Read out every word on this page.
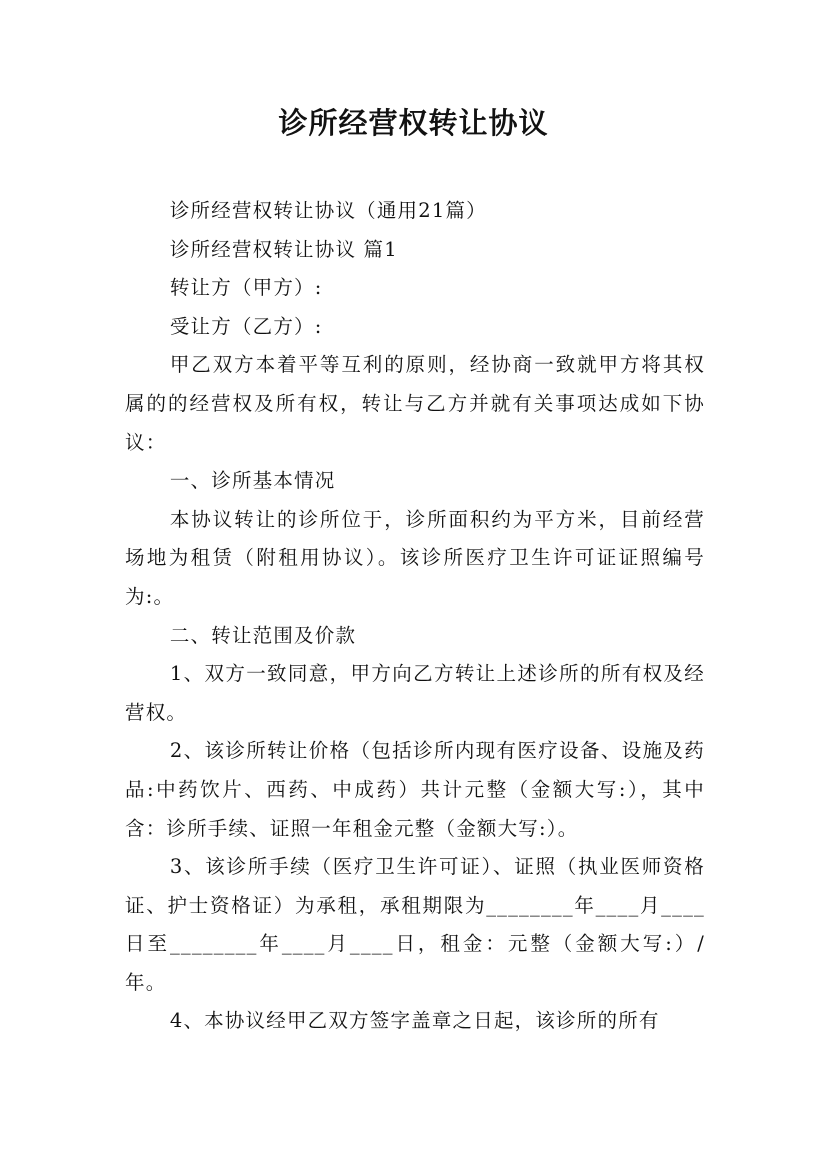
诊所经营权转让协议

诊所经营权转让协议（通用21篇）

诊所经营权转让协议 篇1

转让方（甲方）:

受让方（乙方）:

甲乙双方本着平等互利的原则，经协商一致就甲方将其权属的的经营权及所有权，转让与乙方并就有关事项达成如下协议：

一、诊所基本情况

本协议转让的诊所位于，诊所面积约为平方米，目前经营场地为租赁（附租用协议）。该诊所医疗卫生许可证证照编号为:。

二、转让范围及价款

1、双方一致同意，甲方向乙方转让上述诊所的所有权及经营权。

2、该诊所转让价格（包括诊所内现有医疗设备、设施及药品:中药饮片、西药、中成药）共计元整（金额大写:），其中含：诊所手续、证照一年租金元整（金额大写:）。

3、该诊所手续（医疗卫生许可证）、证照（执业医师资格证、护士资格证）为承租，承租期限为________年____月____日至________年____月____日，租金：元整（金额大写:）/年。

4、本协议经甲乙双方签字盖章之日起，该诊所的所有
